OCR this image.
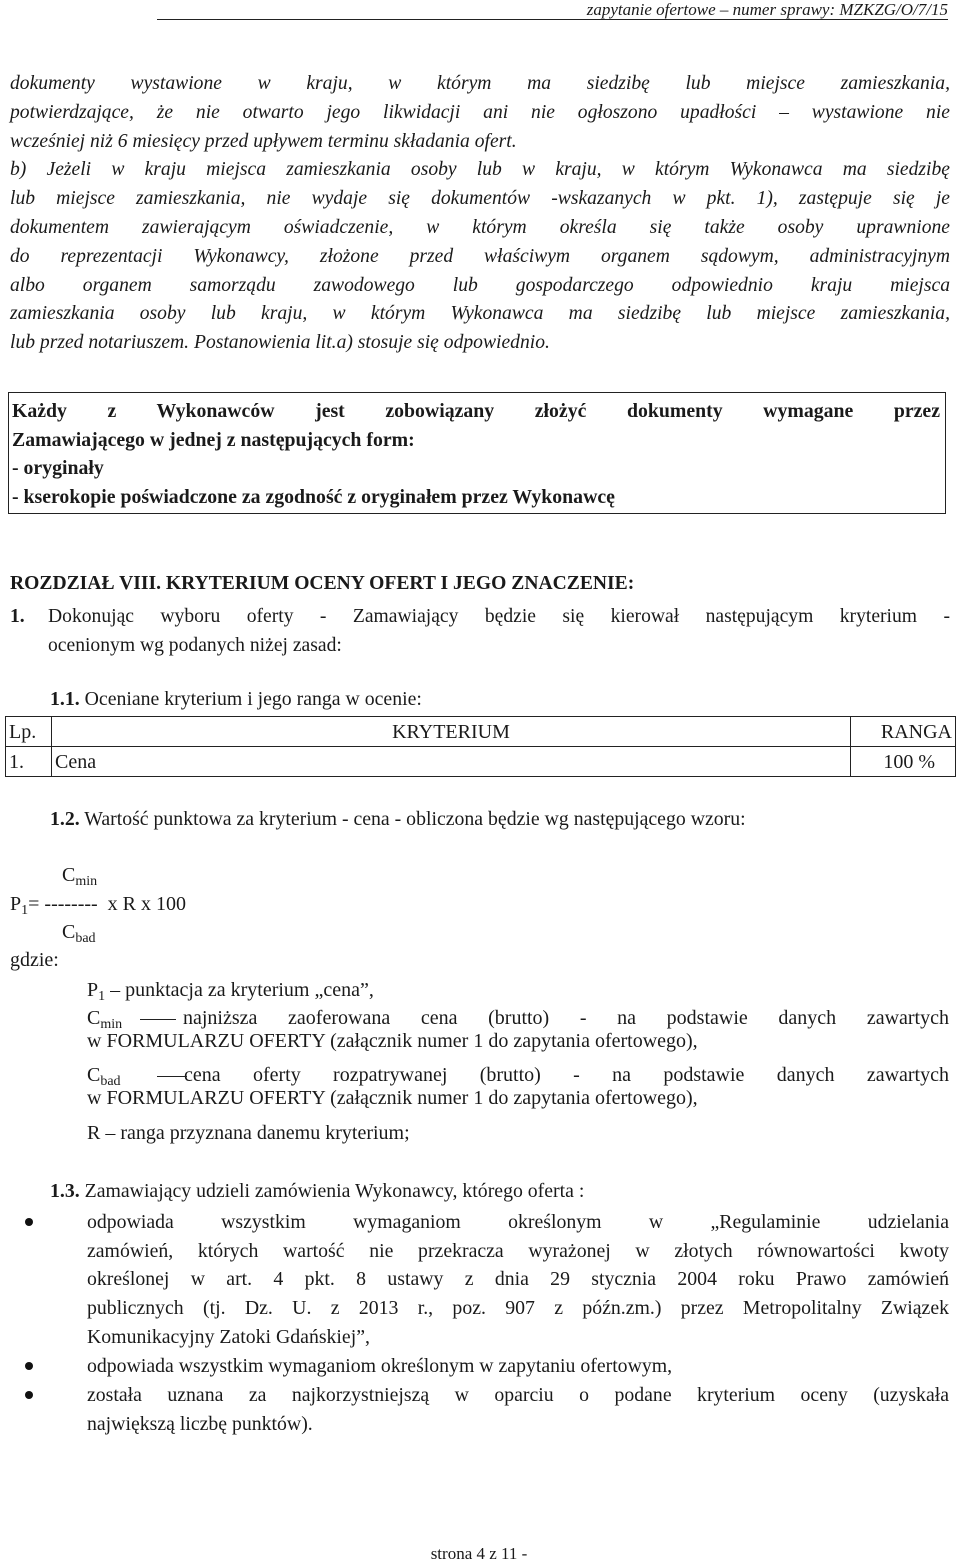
zapytanie ofertowe – numer sprawy: MZKZG/O/7/15

dokumenty wystawione w kraju, w którym ma siedzibę lub miejsce zamieszkania,

potwierdzające, że nie otwarto jego likwidacji ani nie ogłoszono upadłości – wystawione nie

wcześniej niż 6 miesięcy przed upływem terminu składania ofert.

b) Jeżeli w kraju miejsca zamieszkania osoby lub w kraju, w którym Wykonawca ma siedzibę

lub miejsce zamieszkania, nie wydaje się dokumentów -wskazanych w pkt. 1), zastępuje się je

dokumentem zawierającym oświadczenie, w którym określa się także osoby uprawnione

do reprezentacji Wykonawcy, złożone przed właściwym organem sądowym, administracyjnym

albo organem samorządu zawodowego lub gospodarczego odpowiednio kraju miejsca

zamieszkania osoby lub kraju, w którym Wykonawca ma siedzibę lub miejsce zamieszkania,

lub przed notariuszem. Postanowienia lit.a) stosuje się odpowiednio.

Każdy z Wykonawców jest zobowiązany złożyć dokumenty wymagane przez

Zamawiającego w jednej z następujących form:

- oryginały

- kserokopie poświadczone za zgodność z oryginałem przez Wykonawcę

ROZDZIAŁ VIII. KRYTERIUM OCENY OFERT I JEGO ZNACZENIE:
1. Dokonując wyboru oferty - Zamawiający będzie się kierował następującym kryterium -
ocenionym wg podanych niżej zasad:
1.1. Oceniane kryterium i jego ranga w ocenie:
Lp.	KRYTERIUM	RANGA
1.	Cena	100 %
1.2. Wartość punktowa za kryterium - cena - obliczona będzie wg następującego wzoru:
$C_{min}$
$P_1=$ --------  x R x 100
$C_{bad}$
gdzie:
$P_1$ – punktacja za kryterium „cena”,
$C_{min}$	najniższa zaoferowana cena (brutto) - na podstawie danych zawartych
w FORMULARZU OFERTY (załącznik numer 1 do zapytania ofertowego),
$C_{bad}$	cena oferty rozpatrywanej (brutto) - na podstawie danych zawartych
w FORMULARZU OFERTY (załącznik numer 1 do zapytania ofertowego),
R – ranga przyznana danemu kryterium;
1.3. Zamawiający udzieli zamówienia Wykonawcy, którego oferta :
odpowiada wszystkim wymaganiom określonym w „Regulaminie udzielania
zamówień, których wartość nie przekracza wyrażonej w złotych równowartości kwoty
określonej w art. 4 pkt. 8 ustawy z dnia 29 stycznia 2004 roku Prawo zamówień
publicznych (tj. Dz. U. z 2013 r., poz. 907 z późn.zm.) przez Metropolitalny Związek
Komunikacyjny Zatoki Gdańskiej”,
odpowiada wszystkim wymaganiom określonym w zapytaniu ofertowym,
została uznana za najkorzystniejszą w oparciu o podane kryterium oceny (uzyskała
największą liczbę punktów).
strona 4 z 11 -
